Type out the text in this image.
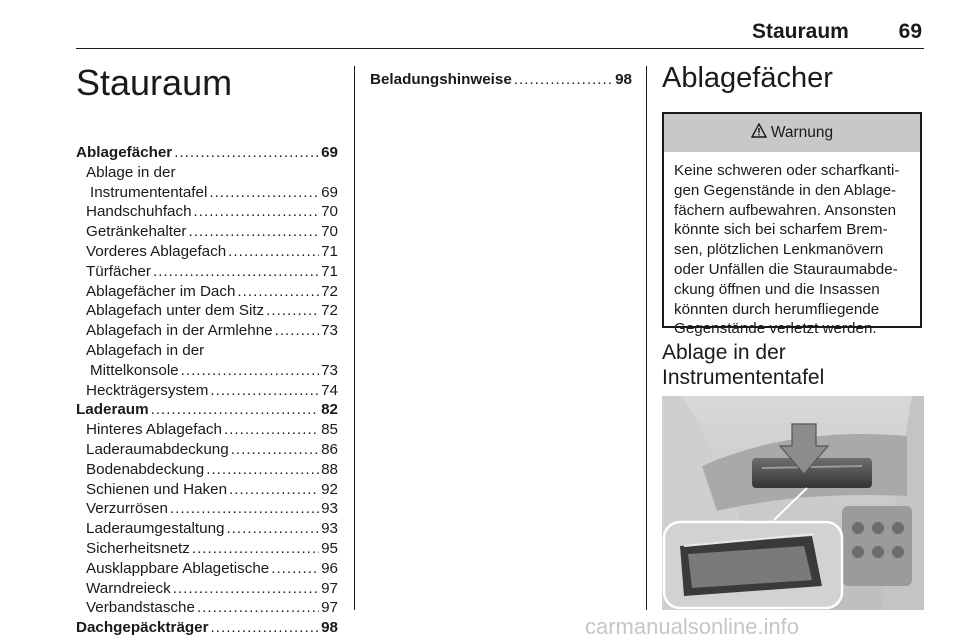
Stauraum 69
Stauraum
Ablagefächer .....	69
Ablage in der
Instrumententafel .....	69
Handschuhfach .....	70
Getränkehalter .....	70
Vorderes Ablagefach .....	71
Türfächer .....	71
Ablagefächer im Dach .....	72
Ablagefach unter dem Sitz .....	72
Ablagefach in der Armlehne .....	73
Ablagefach in der
Mittelkonsole .....	73
Heckträgersystem .....	74
Laderaum .....	82
Hinteres Ablagefach .....	85
Laderaumabdeckung .....	86
Bodenabdeckung .....	88
Schienen und Haken .....	92
Verzurrösen .....	93
Laderaumgestaltung .....	93
Sicherheitsnetz .....	95
Ausklappbare Ablagetische .....	96
Warndreieck .....	97
Verbandstasche .....	97
Dachgepäckträger .....	98
Beladungshinweise .....	98 Ablagefächer
Warnung
Keine schweren oder scharfkanti-
gen Gegenstände in den Ablage-
fächern aufbewahren. Ansonsten
könnte sich bei scharfem Brem-
sen, plötzlichen Lenkmanövern
oder Unfällen die Stauraumabde-
ckung öffnen und die Insassen
könnten durch herumfliegende
Gegenstände verletzt werden.
Ablage in der
Instrumententafel
carmanualsonline.info
